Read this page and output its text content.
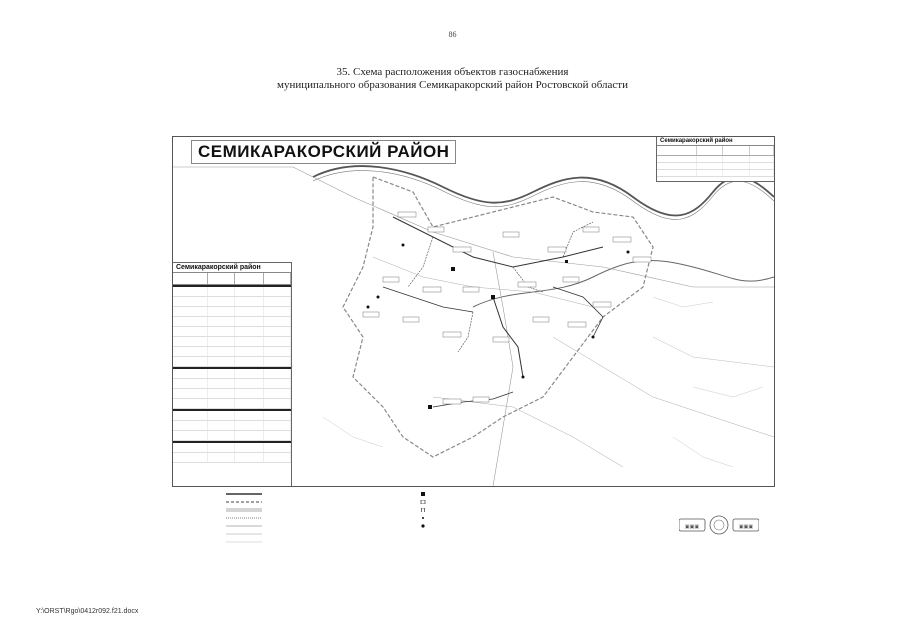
86
35. Схема расположения объектов газоснабжения
муниципального образования Семикаракорский район Ростовской области
СЕМИКАРАКОРСКИЙ РАЙОН
Семикаракорский район
Семикаракорский район
▣▣▣	▣▣▣
Y:\ORST\Rgo\0412r092.f21.docx
